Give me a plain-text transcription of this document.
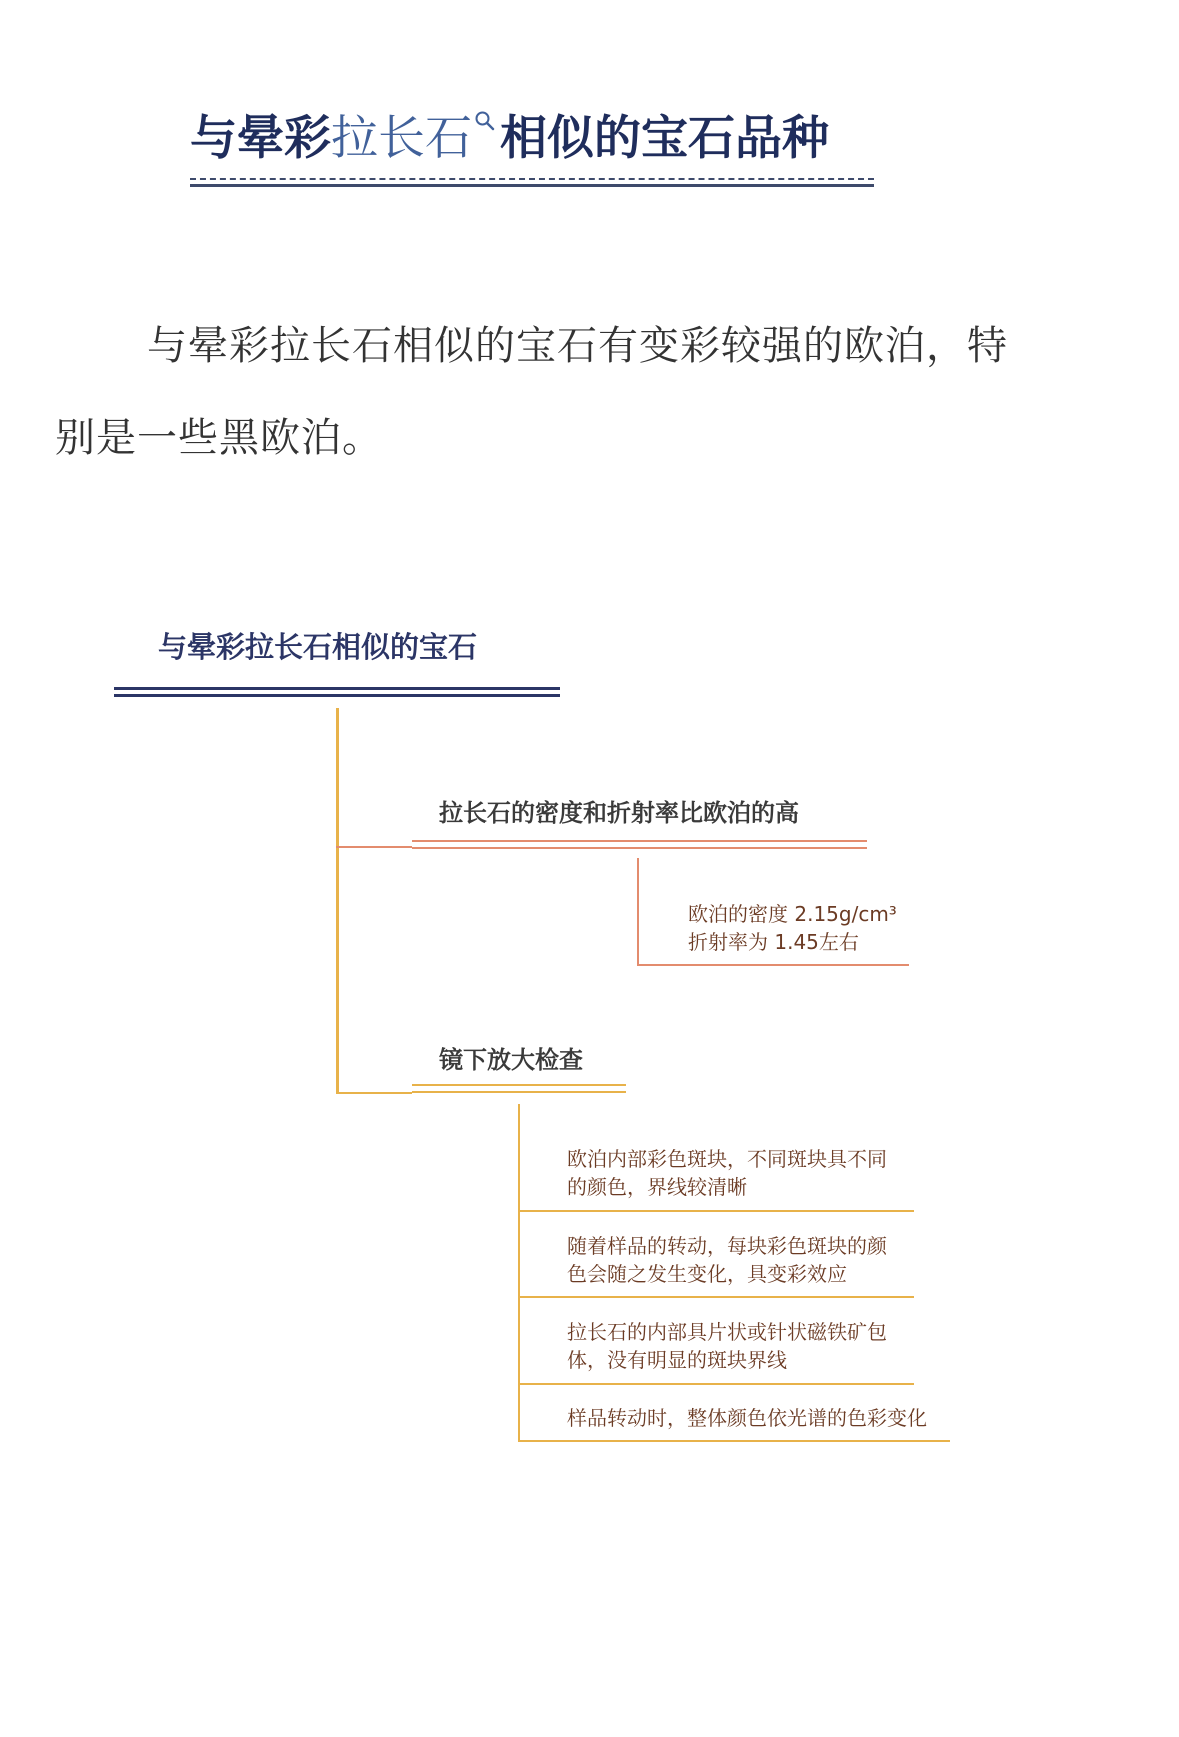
与晕彩 拉长石 相似的宝石品种
与晕彩拉长石相似的宝石有变彩较强的欧泊，特别是一些黑欧泊。
与晕彩拉长石相似的宝石
拉长石的密度和折射率比欧泊的高
欧泊的密度 2.15g/cm³
折射率为 1.45左右
镜下放大检查
欧泊内部彩色斑块，不同斑块具不同
的颜色，界线较清晰
随着样品的转动，每块彩色斑块的颜
色会随之发生变化，具变彩效应
拉长石的内部具片状或针状磁铁矿包
体，没有明显的斑块界线
样品转动时，整体颜色依光谱的色彩变化
